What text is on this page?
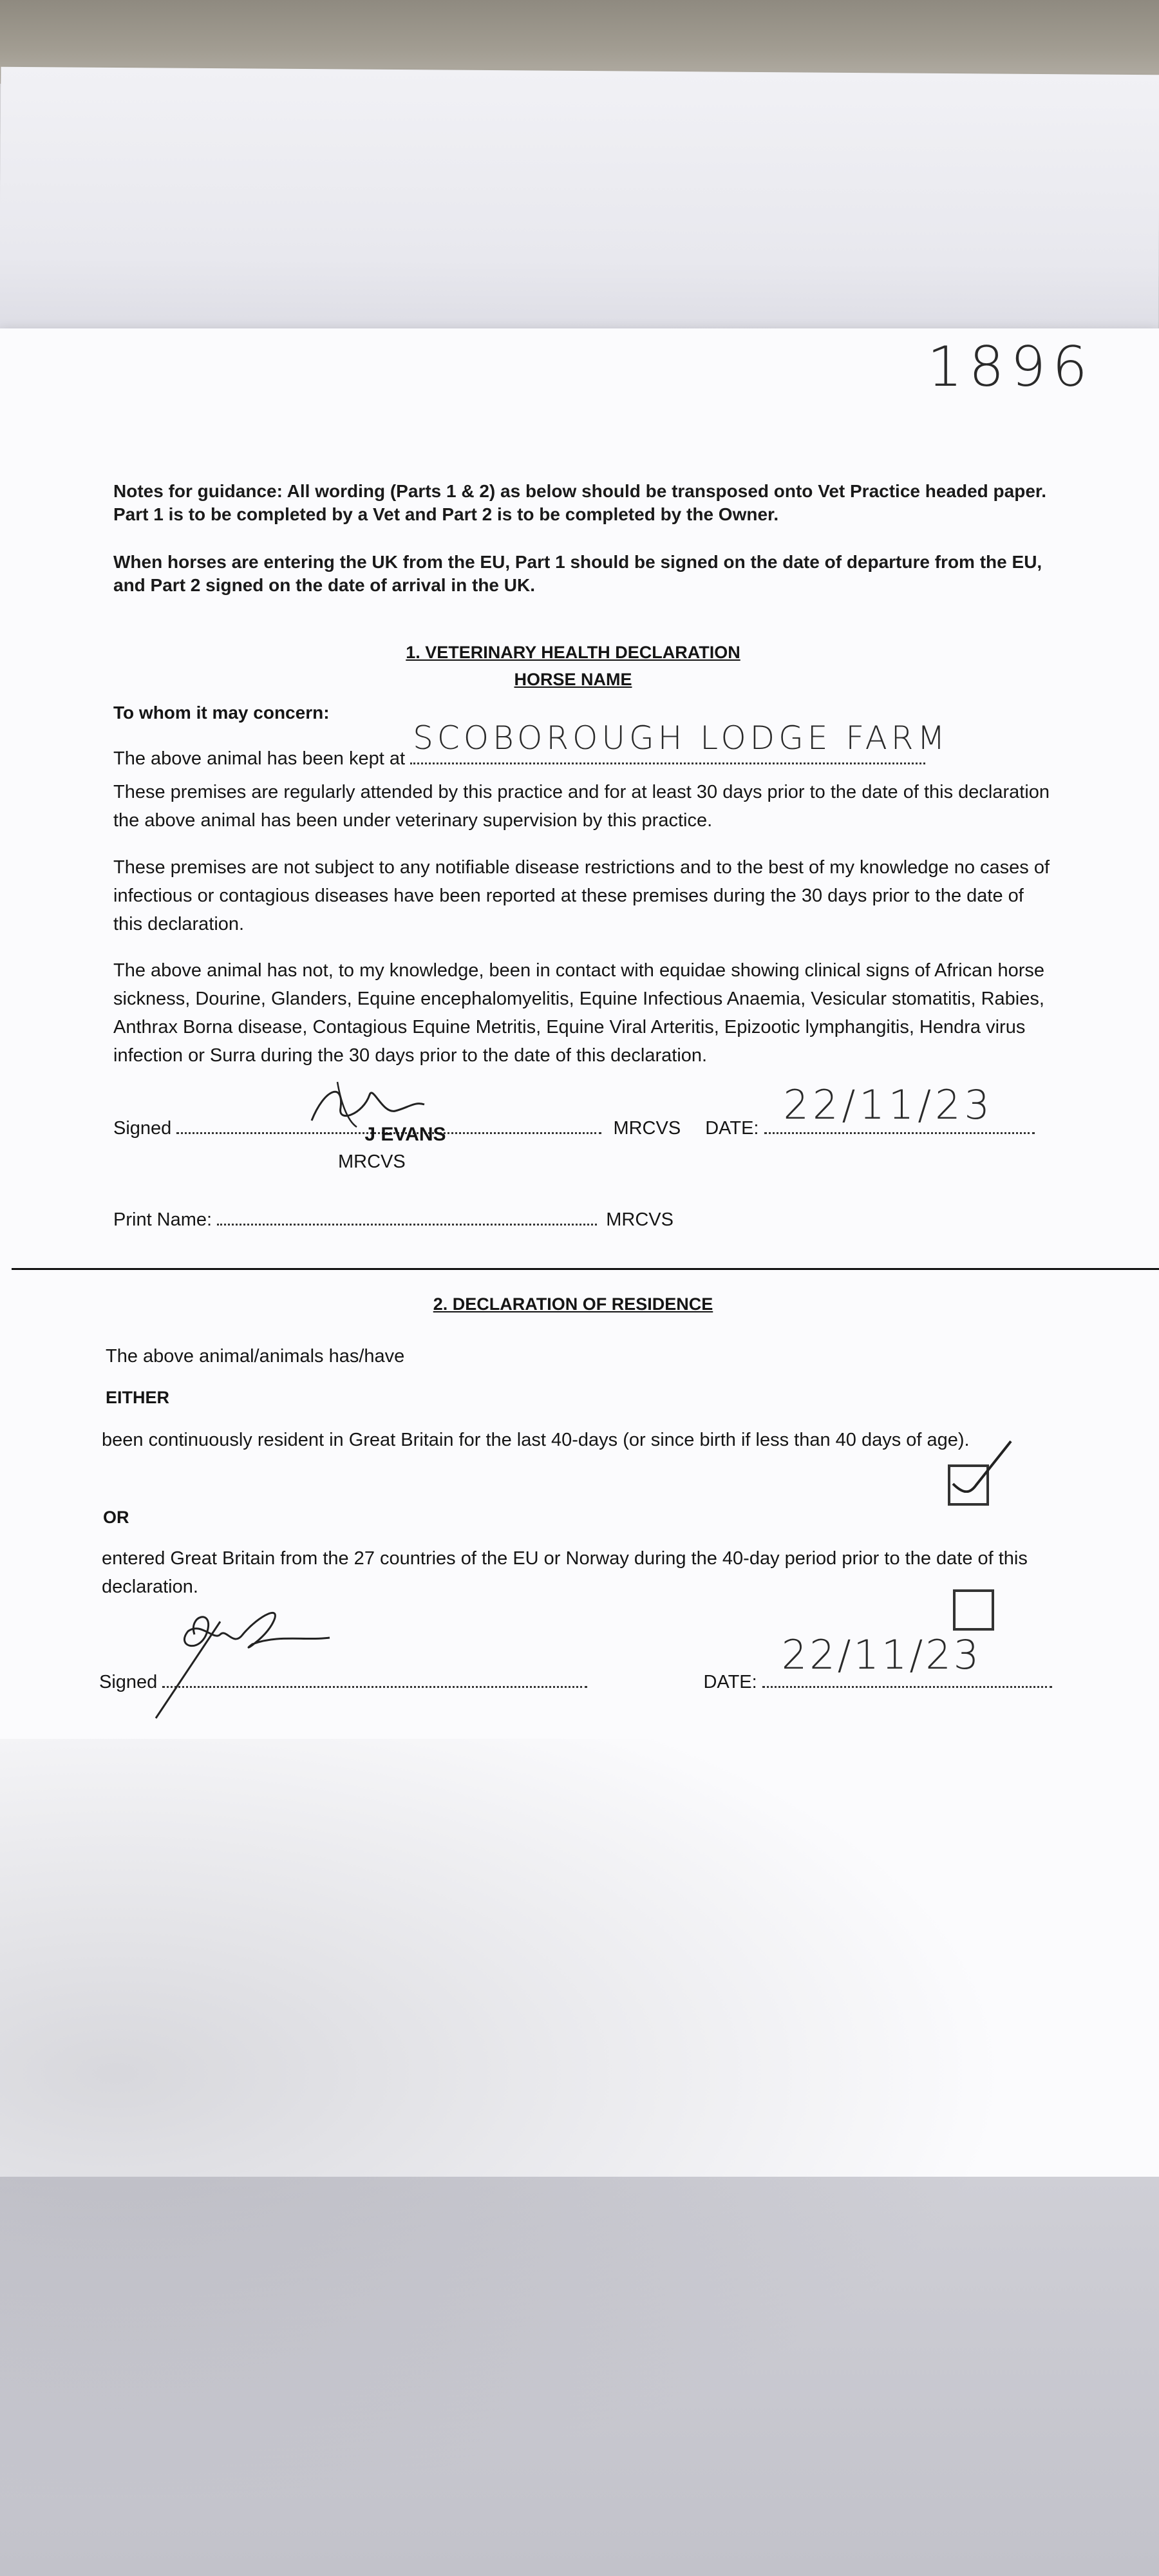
1896
Notes for guidance: All wording (Parts 1 & 2) as below should be transposed onto Vet Practice headed paper. Part 1 is to be completed by a Vet and Part 2 is to be completed by the Owner.
When horses are entering the UK from the EU, Part 1 should be signed on the date of departure from the EU, and Part 2 signed on the date of arrival in the UK.
1. VETERINARY HEALTH DECLARATION
HORSE NAME
To whom it may concern:
The above animal has been kept at
SCOBOROUGH LODGE FARM
These premises are regularly attended by this practice and for at least 30 days prior to the date of this declaration the above animal has been under veterinary supervision by this practice.
These premises are not subject to any notifiable disease restrictions and to the best of my knowledge no cases of infectious or contagious diseases have been reported at these premises during the 30 days prior to the date of this declaration.
The above animal has not, to my knowledge, been in contact with equidae showing clinical signs of African horse sickness, Dourine, Glanders, Equine encephalomyelitis, Equine Infectious Anaemia, Vesicular stomatitis, Rabies, Anthrax Borna disease, Contagious Equine Metritis, Equine Viral Arteritis, Epizootic lymphangitis, Hendra virus infection or Surra during the 30 days prior to the date of this declaration.
Signed	J EVANS	MRCVS DATE: 22/11/23
MRCVS
Print Name:	MRCVS
2. DECLARATION OF RESIDENCE
The above animal/animals has/have
EITHER
been continuously resident in Great Britain for the last 40-days (or since birth if less than 40 days of age).
OR
entered Great Britain from the 27 countries of the EU or Norway during the 40-day period prior to the date of this declaration.
Signed	DATE:
22/11/23
